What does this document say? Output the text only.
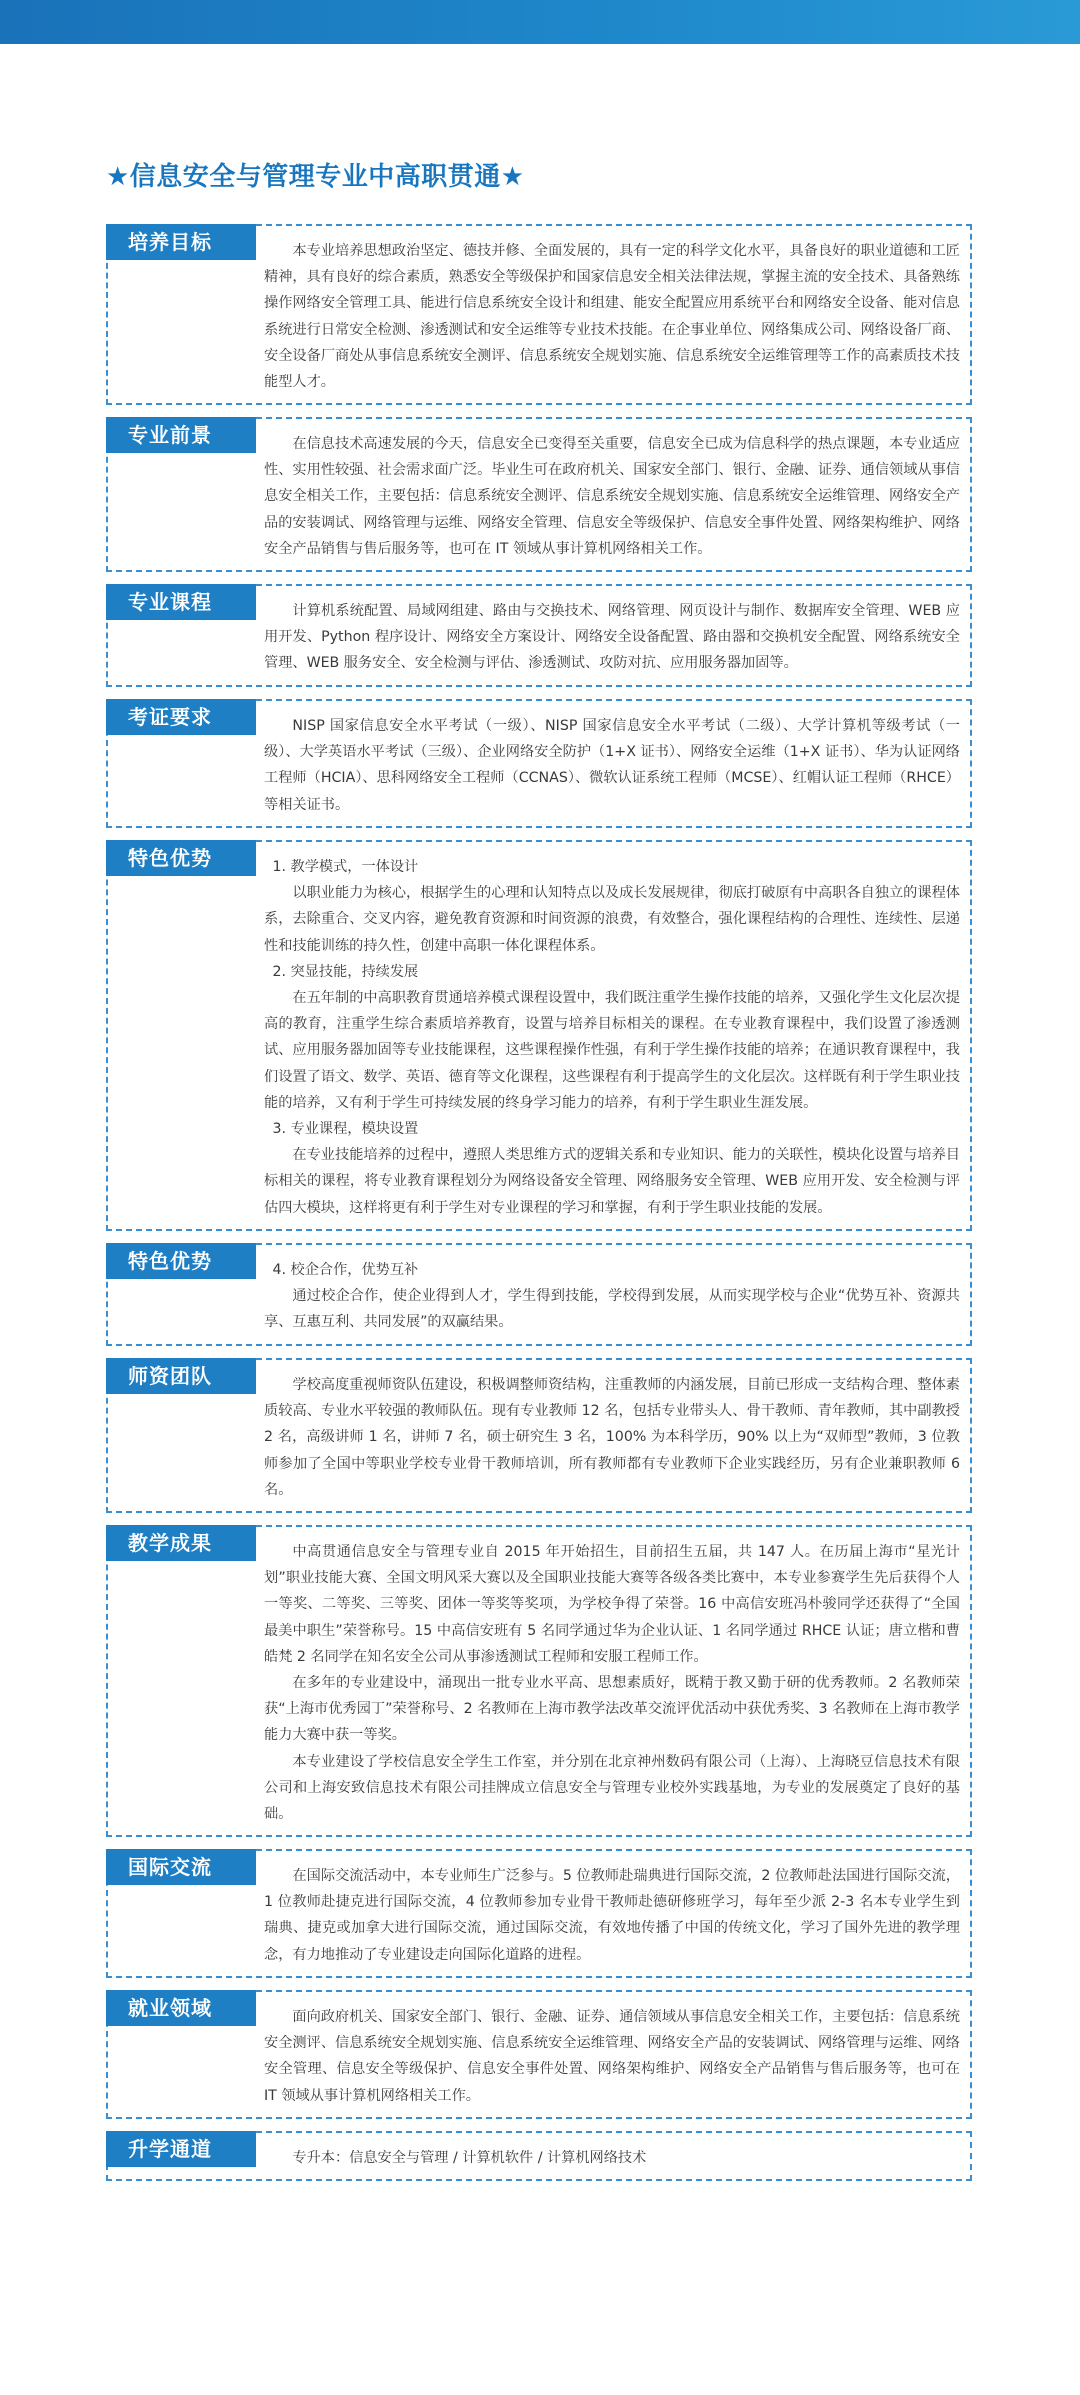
★信息安全与管理专业中高职贯通★
培养目标	本专业培养思想政治坚定、德技并修、全面发展的，具有一定的科学文化水平，具备良好的职业道德和工匠精神，具有良好的综合素质，熟悉安全等级保护和国家信息安全相关法律法规，掌握主流的安全技术、具备熟练操作网络安全管理工具、能进行信息系统安全设计和组建、能安全配置应用系统平台和网络安全设备、能对信息系统进行日常安全检测、渗透测试和安全运维等专业技术技能。在企事业单位、网络集成公司、网络设备厂商、安全设备厂商处从事信息系统安全测评、信息系统安全规划实施、信息系统安全运维管理等工作的高素质技术技能型人才。

专业前景	在信息技术高速发展的今天，信息安全已变得至关重要，信息安全已成为信息科学的热点课题，本专业适应性、实用性较强、社会需求面广泛。毕业生可在政府机关、国家安全部门、银行、金融、证券、通信领域从事信息安全相关工作，主要包括：信息系统安全测评、信息系统安全规划实施、信息系统安全运维管理、网络安全产品的安装调试、网络管理与运维、网络安全管理、信息安全等级保护、信息安全事件处置、网络架构维护、网络安全产品销售与售后服务等，也可在 IT 领域从事计算机网络相关工作。

专业课程	计算机系统配置、局域网组建、路由与交换技术、网络管理、网页设计与制作、数据库安全管理、WEB 应用开发、Python 程序设计、网络安全方案设计、网络安全设备配置、路由器和交换机安全配置、网络系统安全管理、WEB 服务安全、安全检测与评估、渗透测试、攻防对抗、应用服务器加固等。

考证要求	NISP 国家信息安全水平考试（一级）、NISP 国家信息安全水平考试（二级）、大学计算机等级考试（一级）、大学英语水平考试（三级）、企业网络安全防护（1+X 证书）、网络安全运维（1+X 证书）、华为认证网络工程师（HCIA）、思科网络安全工程师（CCNAS）、微软认证系统工程师（MCSE）、红帽认证工程师（RHCE）等相关证书。

特色优势	1. 教学模式，一体设计

以职业能力为核心，根据学生的心理和认知特点以及成长发展规律，彻底打破原有中高职各自独立的课程体系，去除重合、交叉内容，避免教育资源和时间资源的浪费，有效整合，强化课程结构的合理性、连续性、层递性和技能训练的持久性，创建中高职一体化课程体系。

2. 突显技能，持续发展

在五年制的中高职教育贯通培养模式课程设置中，我们既注重学生操作技能的培养，又强化学生文化层次提高的教育，注重学生综合素质培养教育，设置与培养目标相关的课程。在专业教育课程中，我们设置了渗透测试、应用服务器加固等专业技能课程，这些课程操作性强，有利于学生操作技能的培养；在通识教育课程中，我们设置了语文、数学、英语、德育等文化课程，这些课程有利于提高学生的文化层次。这样既有利于学生职业技能的培养，又有利于学生可持续发展的终身学习能力的培养，有利于学生职业生涯发展。

3. 专业课程，模块设置

在专业技能培养的过程中，遵照人类思维方式的逻辑关系和专业知识、能力的关联性，模块化设置与培养目标相关的课程，将专业教育课程划分为网络设备安全管理、网络服务安全管理、WEB 应用开发、安全检测与评估四大模块，这样将更有利于学生对专业课程的学习和掌握，有利于学生职业技能的发展。

特色优势	4. 校企合作，优势互补

通过校企合作，使企业得到人才，学生得到技能，学校得到发展，从而实现学校与企业“优势互补、资源共享、互惠互利、共同发展”的双赢结果。

师资团队	学校高度重视师资队伍建设，积极调整师资结构，注重教师的内涵发展，目前已形成一支结构合理、整体素质较高、专业水平较强的教师队伍。现有专业教师 12 名，包括专业带头人、骨干教师、青年教师，其中副教授 2 名，高级讲师 1 名，讲师 7 名，硕士研究生 3 名，100% 为本科学历，90% 以上为“双师型”教师，3 位教师参加了全国中等职业学校专业骨干教师培训，所有教师都有专业教师下企业实践经历，另有企业兼职教师 6 名。

教学成果	中高贯通信息安全与管理专业自 2015 年开始招生，目前招生五届，共 147 人。在历届上海市“星光计划”职业技能大赛、全国文明风采大赛以及全国职业技能大赛等各级各类比赛中，本专业参赛学生先后获得个人一等奖、二等奖、三等奖、团体一等奖等奖项，为学校争得了荣誉。16 中高信安班冯朴骏同学还获得了“全国最美中职生”荣誉称号。15 中高信安班有 5 名同学通过华为企业认证、1 名同学通过 RHCE 认证；唐立楷和曹皓梵 2 名同学在知名安全公司从事渗透测试工程师和安服工程师工作。

在多年的专业建设中，涌现出一批专业水平高、思想素质好，既精于教又勤于研的优秀教师。2 名教师荣获“上海市优秀园丁”荣誉称号、2 名教师在上海市教学法改革交流评优活动中获优秀奖、3 名教师在上海市教学能力大赛中获一等奖。

本专业建设了学校信息安全学生工作室，并分别在北京神州数码有限公司（上海）、上海晓豆信息技术有限公司和上海安致信息技术有限公司挂牌成立信息安全与管理专业校外实践基地，为专业的发展奠定了良好的基础。

国际交流	在国际交流活动中，本专业师生广泛参与。5 位教师赴瑞典进行国际交流，2 位教师赴法国进行国际交流，1 位教师赴捷克进行国际交流，4 位教师参加专业骨干教师赴德研修班学习，每年至少派 2-3 名本专业学生到瑞典、捷克或加拿大进行国际交流，通过国际交流，有效地传播了中国的传统文化，学习了国外先进的教学理念，有力地推动了专业建设走向国际化道路的进程。

就业领域	面向政府机关、国家安全部门、银行、金融、证券、通信领域从事信息安全相关工作，主要包括：信息系统安全测评、信息系统安全规划实施、信息系统安全运维管理、网络安全产品的安装调试、网络管理与运维、网络安全管理、信息安全等级保护、信息安全事件处置、网络架构维护、网络安全产品销售与售后服务等，也可在 IT 领域从事计算机网络相关工作。

升学通道	专升本：信息安全与管理 / 计算机软件 / 计算机网络技术
